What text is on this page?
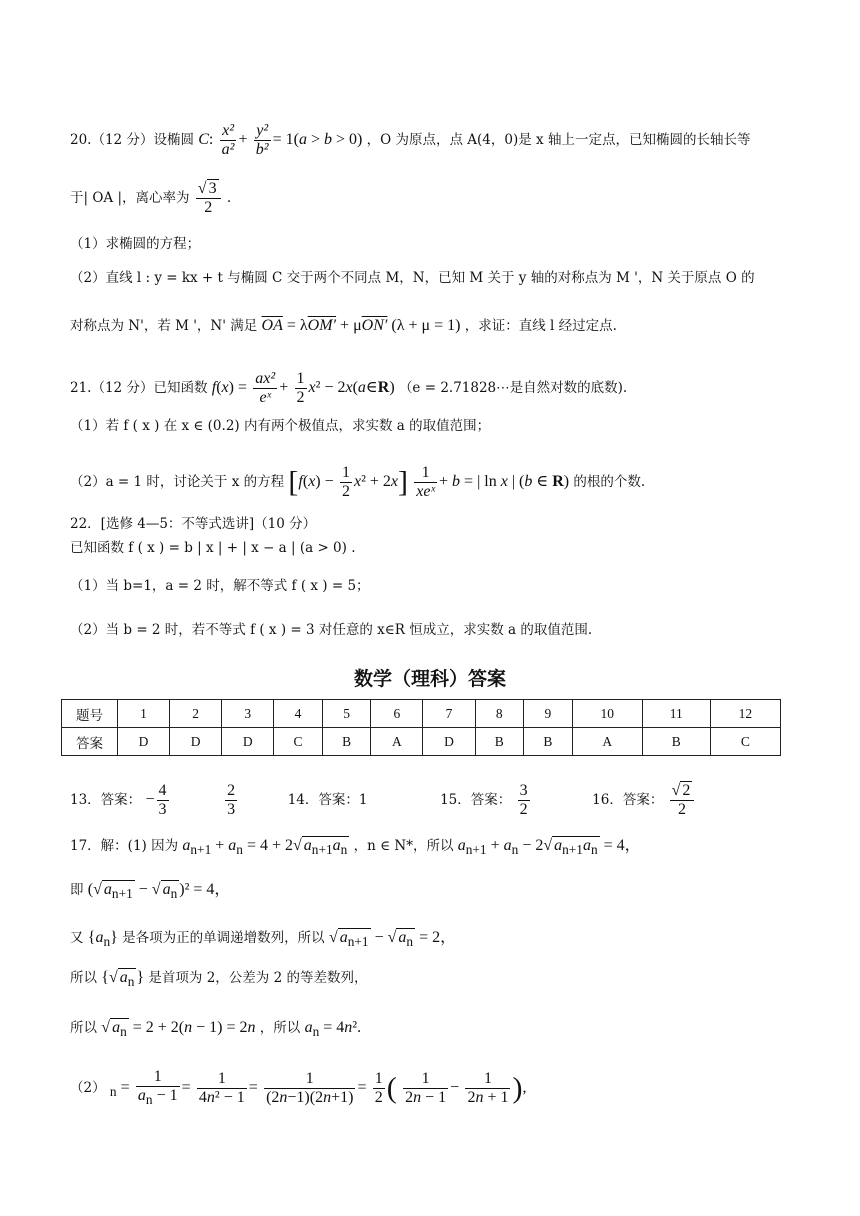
20.（12 分）设椭圆 C: $\frac{\text{x²}}{\text{a²}} + \frac{\text{y²}}{\text{b²}} = 1(a > b > 0)$ ，O 为原点，点 A(4，0)是 x 轴上一定点，已知椭圆的长轴长等
于| OA |，离心率为 $\frac{√ 3}{2}$ .
（1）求椭圆的方程；
（2）直线 l : y = kx + t 与椭圆 C 交于两个不同点 M，N，已知 M 关于 y 轴的对称点为 M '，N 关于原点 O 的
对称点为 N'，若 M '，N' 满足 $\overline{OA} = \lambda OM' + \mu ON'$ (λ + μ = 1) ，求证：直线 l 经过定点.
21.（12 分）已知函数 $f(x) = \frac{\text{ax²}}{\text{eˣ}} + \frac{1}{2} x^2$ − 2x(a∈R) （e = 2.71828⋯是自然对数的底数).
（1）若 f ( x ) 在 x ∈ (0.2) 内有两个极值点，求实数 a 的取值范围；
（2）a = 1 时，讨论关于 x 的方程 $[f(x) - \frac{1}{2} x^2 + 2x] \frac{1}{\text{xeˣ}} + b$ = | ln x | (b ∈ R) 的根的个数.
22．[选修 4—5：不等式选讲]（10 分）
已知函数 f ( x ) = b | x | + | x − a | (a > 0) .
（1）当 b=1，a = 2 时，解不等式 f ( x ) = 5；
（2）当 b = 2 时，若不等式 f ( x ) = 3 对任意的 x∈R 恒成立，求实数 a 的取值范围.
数学（理科）答案
题号	1	2	3	4	5	6	7	8	9	10	11	12
答案	D	D	D	C	B	A	D	B	B	A	B	C
13．答案： − $\frac{4}{3}$
	$\frac{2}{3}$	14．答案：1	15．答案： $\frac{3}{2}$	16．答案： $\frac{√ 2}{2}$
17．解：(1) 因为 $a_{n+1} + a_n = 4 + 2√$ $a_{n+1}a_n$ ，n ∈ N*，所以 $a_{n+1} + a_n - 2√$ $a_{n+1}a_n = 4$，
即 (√ $a_{n+1}$ − √ $a_n$ )² = 4，
又 $\{a_n\}$ 是各项为正的单调递增数列，所以 √ $a_{n+1}$ − √ $a_n = 2$，
所以 {√ $a_n$ } 是首项为 2，公差为 2 的等差数列，
所以 √ $a_n = 2 + 2(n - 1) = 2n$ ，所以 $a_n = 4n^2$.
（2） $_n = \frac{1}{a_n - 1} = \frac{1}{\text{4n² − 1}} = \frac{1}{(2n-1)(2n+1)} = \frac{1}{2}$ ( $\frac{1}{2n - 1} - \frac{1}{2n + 1}$ ),
